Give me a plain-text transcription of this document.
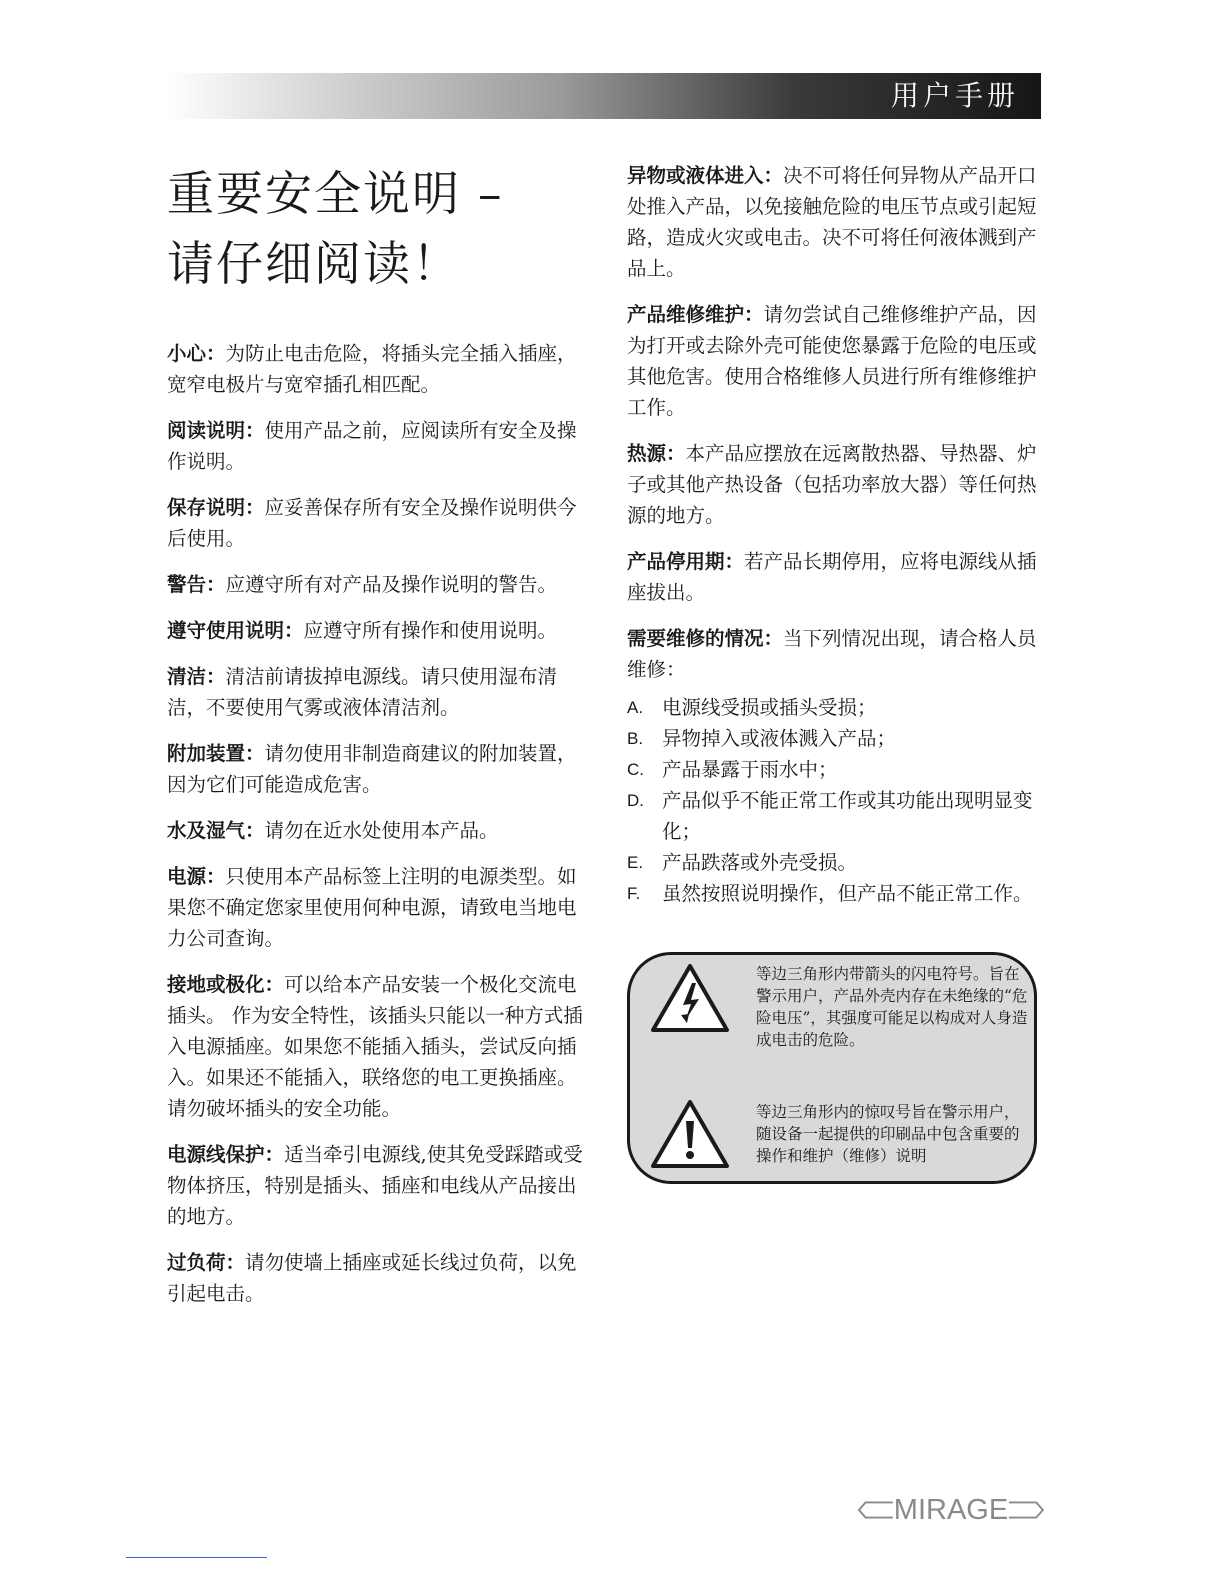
用户手册
重要安全说明 –
请仔细阅读！

小心：为防止电击危险，将插头完全插入插座，宽窄电极片与宽窄插孔相匹配。

阅读说明：使用产品之前，应阅读所有安全及操作说明。

保存说明：应妥善保存所有安全及操作说明供今后使用。

警告：应遵守所有对产品及操作说明的警告。

遵守使用说明：应遵守所有操作和使用说明。

清洁：清洁前请拔掉电源线。请只使用湿布清洁，不要使用气雾或液体清洁剂。

附加装置：请勿使用非制造商建议的附加装置，因为它们可能造成危害。

水及湿气：请勿在近水处使用本产品。

电源：只使用本产品标签上注明的电源类型。如果您不确定您家里使用何种电源，请致电当地电力公司查询。

接地或极化：可以给本产品安装一个极化交流电插头。 作为安全特性，该插头只能以一种方式插入电源插座。如果您不能插入插头，尝试反向插入。如果还不能插入，联络您的电工更换插座。请勿破坏插头的安全功能。

电源线保护：适当牵引电源线,使其免受踩踏或受物体挤压，特别是插头、插座和电线从产品接出的地方。

过负荷：请勿使墙上插座或延长线过负荷，以免引起电击。

异物或液体进入：决不可将任何异物从产品开口处推入产品，以免接触危险的电压节点或引起短路，造成火灾或电击。决不可将任何液体溅到产品上。

产品维修维护：请勿尝试自己维修维护产品，因为打开或去除外壳可能使您暴露于危险的电压或其他危害。使用合格维修人员进行所有维修维护工作。

热源：本产品应摆放在远离散热器、导热器、炉子或其他产热设备（包括功率放大器）等任何热源的地方。

产品停用期：若产品长期停用，应将电源线从插座拔出。

需要维修的情况：当下列情况出现，请合格人员维修：

A. 电源线受损或插头受损；
B. 异物掉入或液体溅入产品；
C. 产品暴露于雨水中；
D. 产品似乎不能正常工作或其功能出现明显变化；
E. 产品跌落或外壳受损。
F.	虽然按照说明操作，但产品不能正常工作。
等边三角形内带箭头的闪电符号。旨在警示用户，产品外壳内存在未绝缘的“危险电压”，其强度可能足以构成对人身造成电击的危险。
等边三角形内的惊叹号旨在警示用户，随设备一起提供的印刷品中包含重要的操作和维护（维修）说明
MIRAGE
